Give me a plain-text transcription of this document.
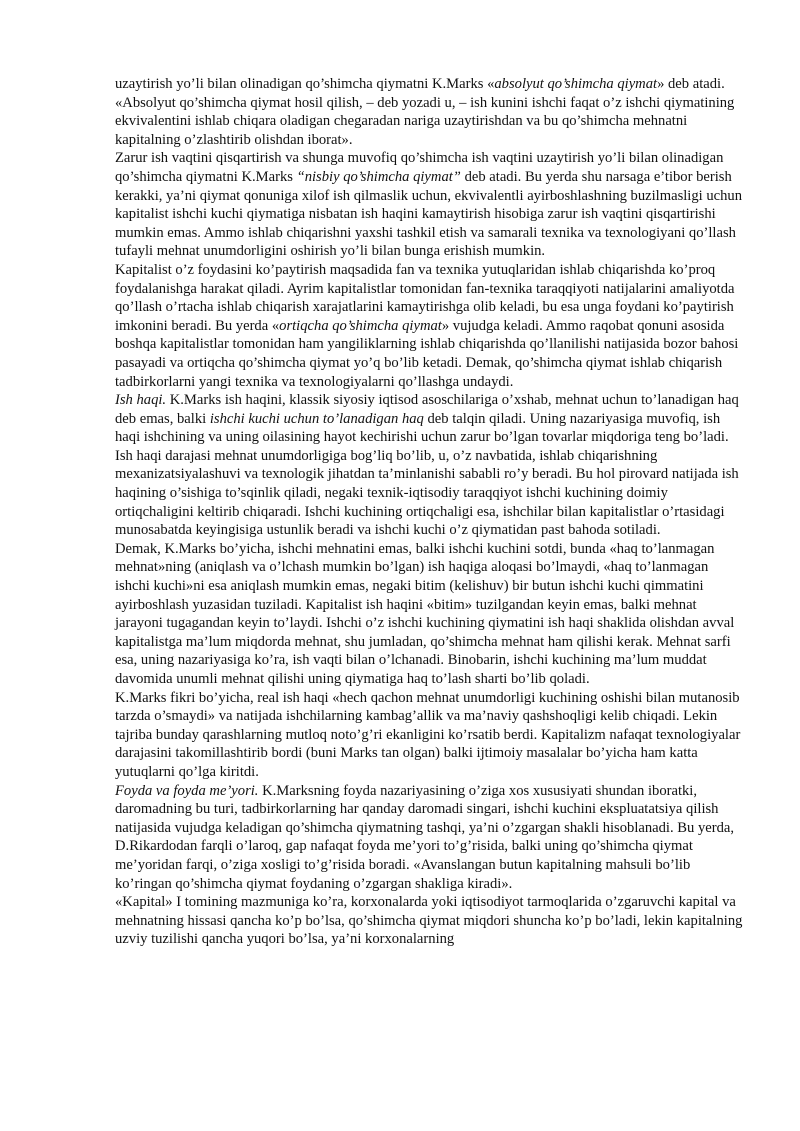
uzaytirish yo’li bilan olinadigan qo’shimcha qiymatni K.Marks «absolyut qo’shimcha qiymat» deb atadi. «Absolyut qo’shimcha qiymat hosil qilish, – deb yozadi u, – ish kunini ishchi faqat o’z ishchi qiymatining ekvivalentini ishlab chiqara oladigan chegaradan nariga uzaytirishdan va bu qo’shimcha mehnatni kapitalning o’zlashtirib olishdan iborat».

Zarur ish vaqtini qisqartirish va shunga muvofiq qo’shimcha ish vaqtini uzaytirish yo’li bilan olinadigan qo’shimcha qiymatni K.Marks “nisbiy qo’shimcha qiymat” deb atadi. Bu yerda shu narsaga e’tibor berish kerakki, ya’ni qiymat qonuniga xilof ish qilmaslik uchun, ekvivalentli ayirboshlashning buzilmasligi uchun kapitalist ishchi kuchi qiymatiga nisbatan ish haqini kamaytirish hisobiga zarur ish vaqtini qisqartirishi mumkin emas. Ammo ishlab chiqarishni yaxshi tashkil etish va samarali texnika va texnologiyani qo’llash tufayli mehnat unumdorligini oshirish yo’li bilan bunga erishish mumkin.

Kapitalist o’z foydasini ko’paytirish maqsadida fan va texnika yutuqlaridan ishlab chiqarishda ko’proq foydalanishga harakat qiladi. Ayrim kapitalistlar tomonidan fan-texnika taraqqiyoti natijalarini amaliyotda qo’llash o’rtacha ishlab chiqarish xarajatlarini kamaytirishga olib keladi, bu esa unga foydani ko’paytirish imkonini beradi. Bu yerda «ortiqcha qo’shimcha qiymat» vujudga keladi. Ammo raqobat qonuni asosida boshqa kapitalistlar tomonidan ham yangiliklarning ishlab chiqarishda qo’llanilishi natijasida bozor bahosi pasayadi va ortiqcha qo’shimcha qiymat yo’q bo’lib ketadi. Demak, qo’shimcha qiymat ishlab chiqarish tadbirkorlarni yangi texnika va texnologiyalarni qo’llashga undaydi.

Ish haqi. K.Marks ish haqini, klassik siyosiy iqtisod asoschilariga o’xshab, mehnat uchun to’lanadigan haq deb emas, balki ishchi kuchi uchun to’lanadigan haq deb talqin qiladi. Uning nazariyasiga muvofiq, ish haqi ishchining va uning oilasining hayot kechirishi uchun zarur bo’lgan tovarlar miqdoriga teng bo’ladi. Ish haqi darajasi mehnat unumdorligiga bog’liq bo’lib, u, o’z navbatida, ishlab chiqarishning mexanizatsiyalashuvi va texnologik jihatdan ta’minlanishi sababli ro’y beradi. Bu hol pirovard natijada ish haqining o’sishiga to’sqinlik qiladi, negaki texnik-iqtisodiy taraqqiyot ishchi kuchining doimiy ortiqchaligini keltirib chiqaradi. Ishchi kuchining ortiqchaligi esa, ishchilar bilan kapitalistlar o’rtasidagi munosabatda keyingisiga ustunlik beradi va ishchi kuchi o’z qiymatidan past bahoda sotiladi.

Demak, K.Marks bo’yicha, ishchi mehnatini emas, balki ishchi kuchini sotdi, bunda «haq to’lanmagan mehnat»ning (aniqlash va o’lchash mumkin bo’lgan) ish haqiga aloqasi bo’lmaydi, «haq to’lanmagan ishchi kuchi»ni esa aniqlash mumkin emas, negaki bitim (kelishuv) bir butun ishchi kuchi qimmatini ayirboshlash yuzasidan tuziladi. Kapitalist ish haqini «bitim» tuzilgandan keyin emas, balki mehnat jarayoni tugagandan keyin to’laydi. Ishchi o’z ishchi kuchining qiymatini ish haqi shaklida olishdan avval kapitalistga ma’lum miqdorda mehnat, shu jumladan, qo’shimcha mehnat ham qilishi kerak. Mehnat sarfi esa, uning nazariyasiga ko’ra, ish vaqti bilan o’lchanadi. Binobarin, ishchi kuchining ma’lum muddat davomida unumli mehnat qilishi uning qiymatiga haq to’lash sharti bo’lib qoladi.

K.Marks fikri bo’yicha, real ish haqi «hech qachon mehnat unumdorligi kuchining oshishi bilan mutanosib tarzda o’smaydi» va natijada ishchilarning kambag’allik va ma’naviy qashshoqligi kelib chiqadi. Lekin tajriba bunday qarashlarning mutloq noto’g’ri ekanligini ko’rsatib berdi. Kapitalizm nafaqat texnologiyalar darajasini takomillashtirib bordi (buni Marks tan olgan) balki ijtimoiy masalalar bo’yicha ham katta yutuqlarni qo’lga kiritdi.

Foyda va foyda me’yori. K.Marksning foyda nazariyasining o’ziga xos xususiyati shundan iboratki, daromadning bu turi, tadbirkorlarning har qanday daromadi singari, ishchi kuchini ekspluatatsiya qilish natijasida vujudga keladigan qo’shimcha qiymatning tashqi, ya’ni o’zgargan shakli hisoblanadi. Bu yerda, D.Rikardodan farqli o’laroq, gap nafaqat foyda me’yori to’g’risida, balki uning qo’shimcha qiymat me’yoridan farqi, o’ziga xosligi to’g’risida boradi. «Avanslangan butun kapitalning mahsuli bo’lib ko’ringan qo’shimcha qiymat foydaning o’zgargan shakliga kiradi».

«Kapital» I tomining mazmuniga ko’ra, korxonalarda yoki iqtisodiyot tarmoqlarida o’zgaruvchi kapital va mehnatning hissasi qancha ko’p bo’lsa, qo’shimcha qiymat miqdori shuncha ko’p bo’ladi, lekin kapitalning uzviy tuzilishi qancha yuqori bo’lsa, ya’ni korxonalarning
